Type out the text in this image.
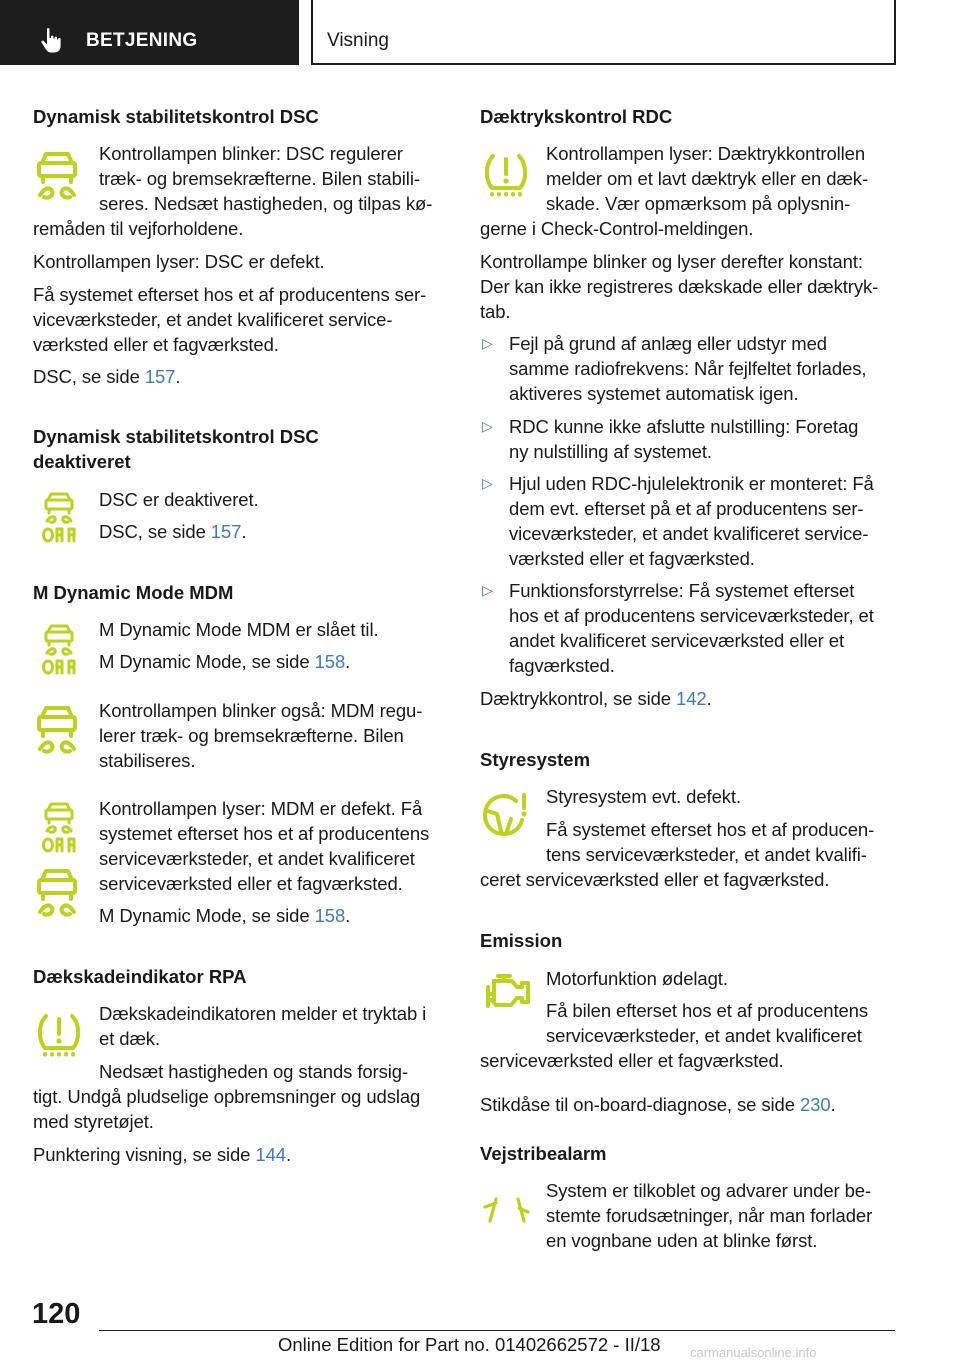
BETJENING	Visning
Dynamisk stabilitetskontrol DSC
Kontrollampen blinker: DSC regulerer
træk- og bremsekræfterne. Bilen stabili-
seres. Nedsæt hastigheden, og tilpas kø-
remåden til vejforholdene.
Kontrollampen lyser: DSC er defekt.
Få systemet efterset hos et af producentens ser-
viceværksteder, et andet kvalificeret service-
værksted eller et fagværksted.
DSC, se side 157.
Dynamisk stabilitetskontrol DSC
deaktiveret
DSC er deaktiveret.
DSC, se side 157.
M Dynamic Mode MDM
M Dynamic Mode MDM er slået til.
M Dynamic Mode, se side 158.
Kontrollampen blinker også: MDM regu-
lerer træk- og bremsekræfterne. Bilen
stabiliseres.
Kontrollampen lyser: MDM er defekt. Få
systemet efterset hos et af producentens
serviceværksteder, et andet kvalificeret
serviceværksted eller et fagværksted.
M Dynamic Mode, se side 158.
Dækskadeindikator RPA
Dækskadeindikatoren melder et tryktab i
et dæk.
Nedsæt hastigheden og stands forsig-
tigt. Undgå pludselige opbremsninger og udslag
med styretøjet.
Punktering visning, se side 144.
Dæktrykskontrol RDC
Kontrollampen lyser: Dæktrykkontrollen
melder om et lavt dæktryk eller en dæk-
skade. Vær opmærksom på oplysnin-
gerne i Check-Control-meldingen.
Kontrollampe blinker og lyser derefter konstant:
Der kan ikke registreres dækskade eller dæktryk-
tab.
▷ Fejl på grund af anlæg eller udstyr med
samme radiofrekvens: Når fejlfeltet forlades,
aktiveres systemet automatisk igen.
▷ RDC kunne ikke afslutte nulstilling: Foretag
ny nulstilling af systemet.
▷ Hjul uden RDC-hjulelektronik er monteret: Få
dem evt. efterset på et af producentens ser-
viceværksteder, et andet kvalificeret service-
værksted eller et fagværksted.
▷ Funktionsforstyrrelse: Få systemet efterset
hos et af producentens serviceværksteder, et
andet kvalificeret serviceværksted eller et
fagværksted.
Dæktrykkontrol, se side 142.
Styresystem
Styresystem evt. defekt.
Få systemet efterset hos et af producen-
tens serviceværksteder, et andet kvalifi-
ceret serviceværksted eller et fagværksted.
Emission
Motorfunktion ødelagt.
Få bilen efterset hos et af producentens
serviceværksteder, et andet kvalificeret
serviceværksted eller et fagværksted.
Stikdåse til on-board-diagnose, se side 230.
Vejstribealarm
System er tilkoblet og advarer under be-
stemte forudsætninger, når man forlader
en vognbane uden at blinke først.
120
Online Edition for Part no. 01402662572 - II/18 carmanualsonline.info
